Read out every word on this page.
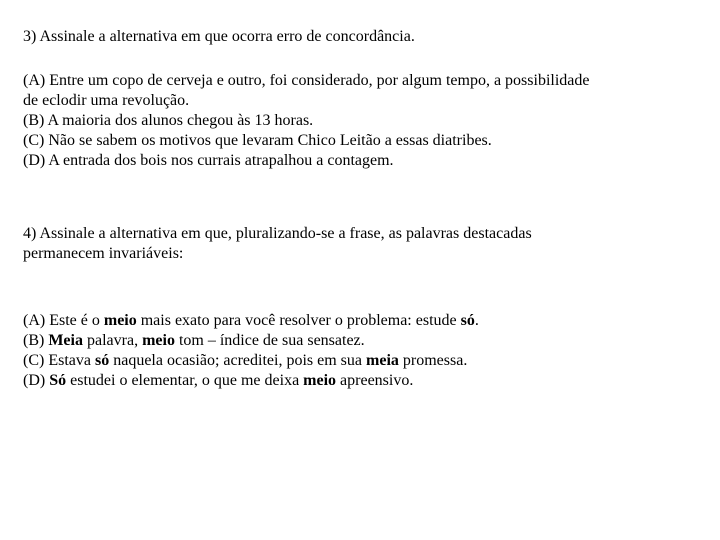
3) Assinale a alternativa em que ocorra erro de concordância.
(A) Entre um copo de cerveja e outro, foi considerado, por algum tempo, a possibilidade
de eclodir uma revolução.
(B) A maioria dos alunos chegou às 13 horas.
(C) Não se sabem os motivos que levaram Chico Leitão a essas diatribes.
(D) A entrada dos bois nos currais atrapalhou a contagem.
4) Assinale a alternativa em que, pluralizando-se a frase, as palavras destacadas
permanecem invariáveis:
(A) Este é o meio mais exato para você resolver o problema: estude só.
(B) Meia palavra, meio tom – índice de sua sensatez.
(C) Estava só naquela ocasião; acreditei, pois em sua meia promessa.
(D) Só estudei o elementar, o que me deixa meio apreensivo.
